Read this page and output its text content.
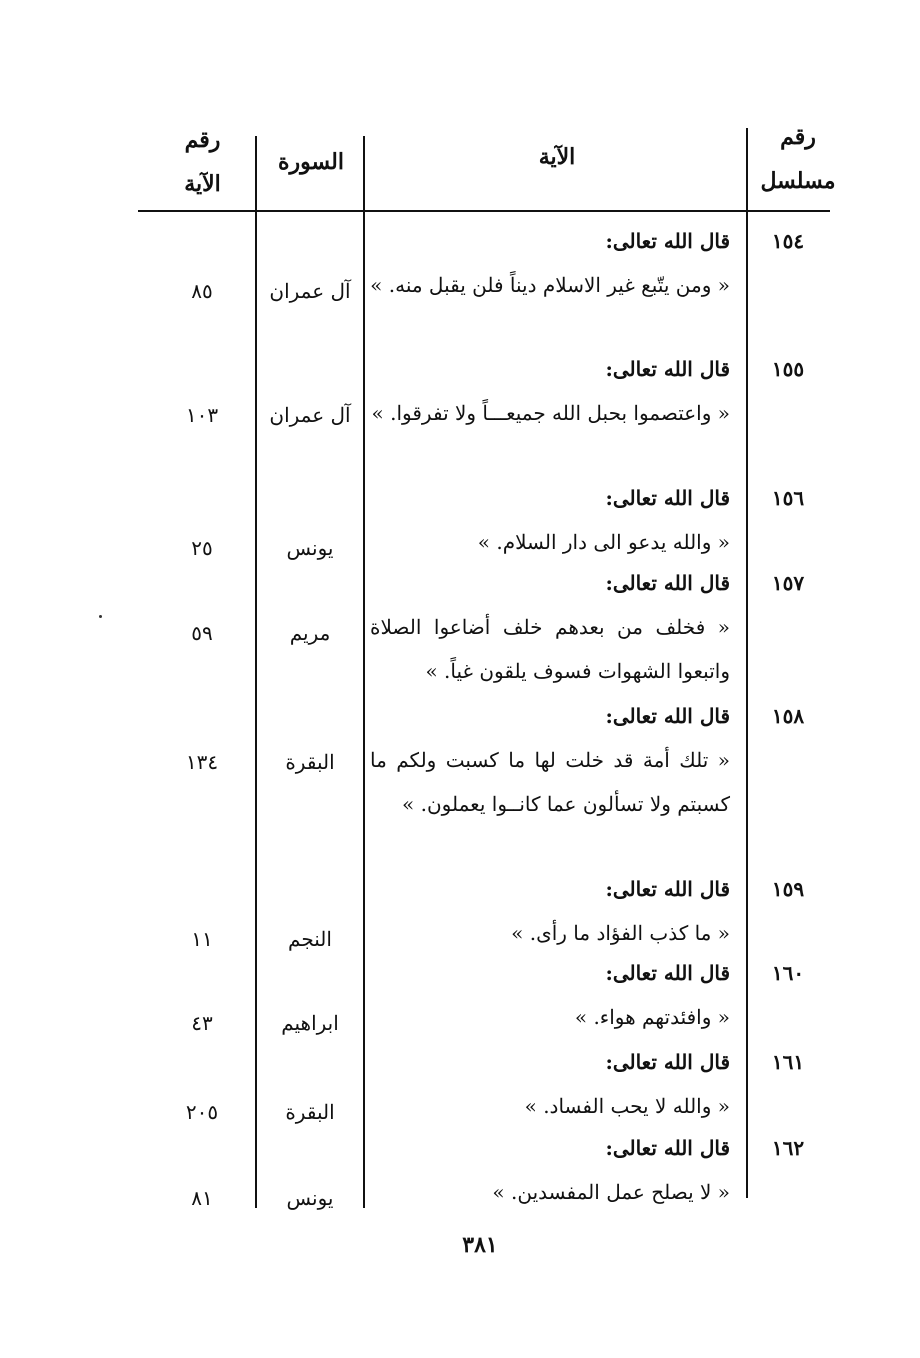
رقم
مسلسل
الآية
السورة
رقم
الآية
١٥٤
قال الله تعالى:
« ومن يتّبع غير الاسلام ديناً فلن يقبل منه. »
آل عمران
٨٥
١٥٥
قال الله تعالى:
« واعتصموا بحبل الله جميعـــاً ولا تفرقوا. »
آل عمران
١٠٣
١٥٦
قال الله تعالى:
« والله يدعو الى دار السلام. »
يونس
٢٥
١٥٧
قال الله تعالى:
« فخلف من بعدهم خلف أضاعوا الصلاة واتبعوا الشهوات فسوف يلقون غياً. »
مريم
٥٩
١٥٨
قال الله تعالى:
« تلك أمة قد خلت لها ما كسبت ولكم ما كسبتم ولا تسألون عما كانــوا يعملون. »
البقرة
١٣٤
١٥٩
قال الله تعالى:
« ما كذب الفؤاد ما رأى. »
النجم
١١
١٦٠
قال الله تعالى:
« وافئدتهم هواء. »
ابراهيم
٤٣
١٦١
قال الله تعالى:
« والله لا يحب الفساد. »
البقرة
٢٠٥
١٦٢
قال الله تعالى:
« لا يصلح عمل المفسدين. »
يونس
٨١
٣٨١
